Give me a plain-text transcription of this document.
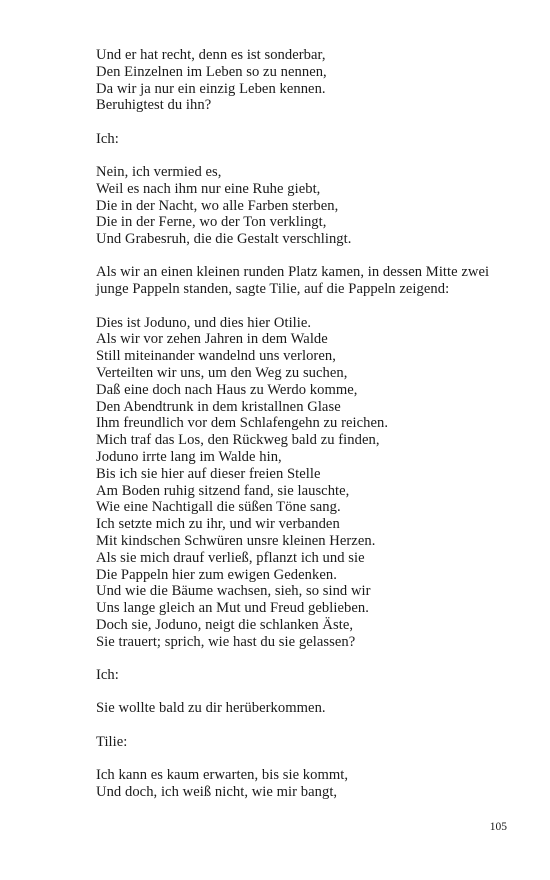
Und er hat recht, denn es ist sonderbar,
Den Einzelnen im Leben so zu nennen,
Da wir ja nur ein einzig Leben kennen.
Beruhigtest du ihn?
Ich:
Nein, ich vermied es,
Weil es nach ihm nur eine Ruhe giebt,
Die in der Nacht, wo alle Farben sterben,
Die in der Ferne, wo der Ton verklingt,
Und Grabesruh, die die Gestalt verschlingt.
Als wir an einen kleinen runden Platz kamen, in dessen Mitte zwei
junge Pappeln standen, sagte Tilie, auf die Pappeln zeigend:
Dies ist Joduno, und dies hier Otilie.
Als wir vor zehen Jahren in dem Walde
Still miteinander wandelnd uns verloren,
Verteilten wir uns, um den Weg zu suchen,
Daß eine doch nach Haus zu Werdo komme,
Den Abendtrunk in dem kristallnen Glase
Ihm freundlich vor dem Schlafengehn zu reichen.
Mich traf das Los, den Rückweg bald zu finden,
Joduno irrte lang im Walde hin,
Bis ich sie hier auf dieser freien Stelle
Am Boden ruhig sitzend fand, sie lauschte,
Wie eine Nachtigall die süßen Töne sang.
Ich setzte mich zu ihr, und wir verbanden
Mit kindschen Schwüren unsre kleinen Herzen.
Als sie mich drauf verließ, pflanzt ich und sie
Die Pappeln hier zum ewigen Gedenken.
Und wie die Bäume wachsen, sieh, so sind wir
Uns lange gleich an Mut und Freud geblieben.
Doch sie, Joduno, neigt die schlanken Äste,
Sie trauert; sprich, wie hast du sie gelassen?
Ich:
Sie wollte bald zu dir herüberkommen.
Tilie:
Ich kann es kaum erwarten, bis sie kommt,
Und doch, ich weiß nicht, wie mir bangt,
105
